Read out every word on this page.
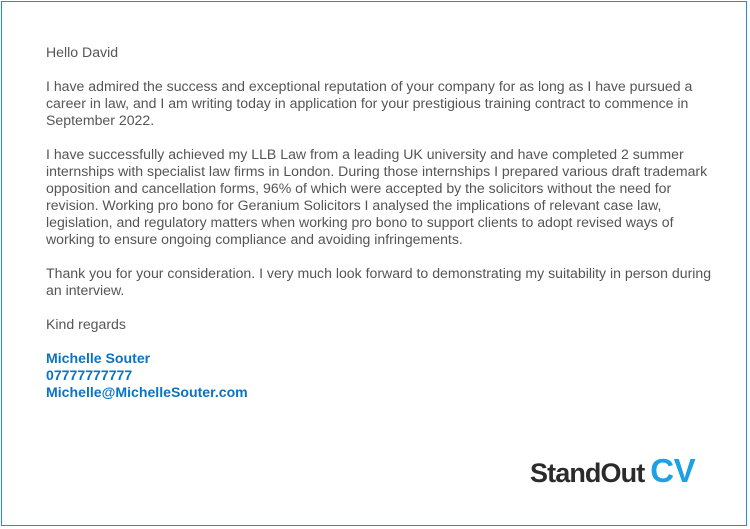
Hello David

I have admired the success and exceptional reputation of your company for as long as I have pursued a career in law, and I am writing today in application for your prestigious training contract to commence in September 2022.

I have successfully achieved my LLB Law from a leading UK university and have completed 2 summer internships with specialist law firms in London. During those internships I prepared various draft trademark opposition and cancellation forms, 96% of which were accepted by the solicitors without the need for revision. Working pro bono for Geranium Solicitors I analysed the implications of relevant case law, legislation, and regulatory matters when working pro bono to support clients to adopt revised ways of working to ensure ongoing compliance and avoiding infringements.

Thank you for your consideration. I very much look forward to demonstrating my suitability in person during an interview.

Kind regards

Michelle Souter
07777777777
Michelle@MichelleSouter.com
StandOut CV
